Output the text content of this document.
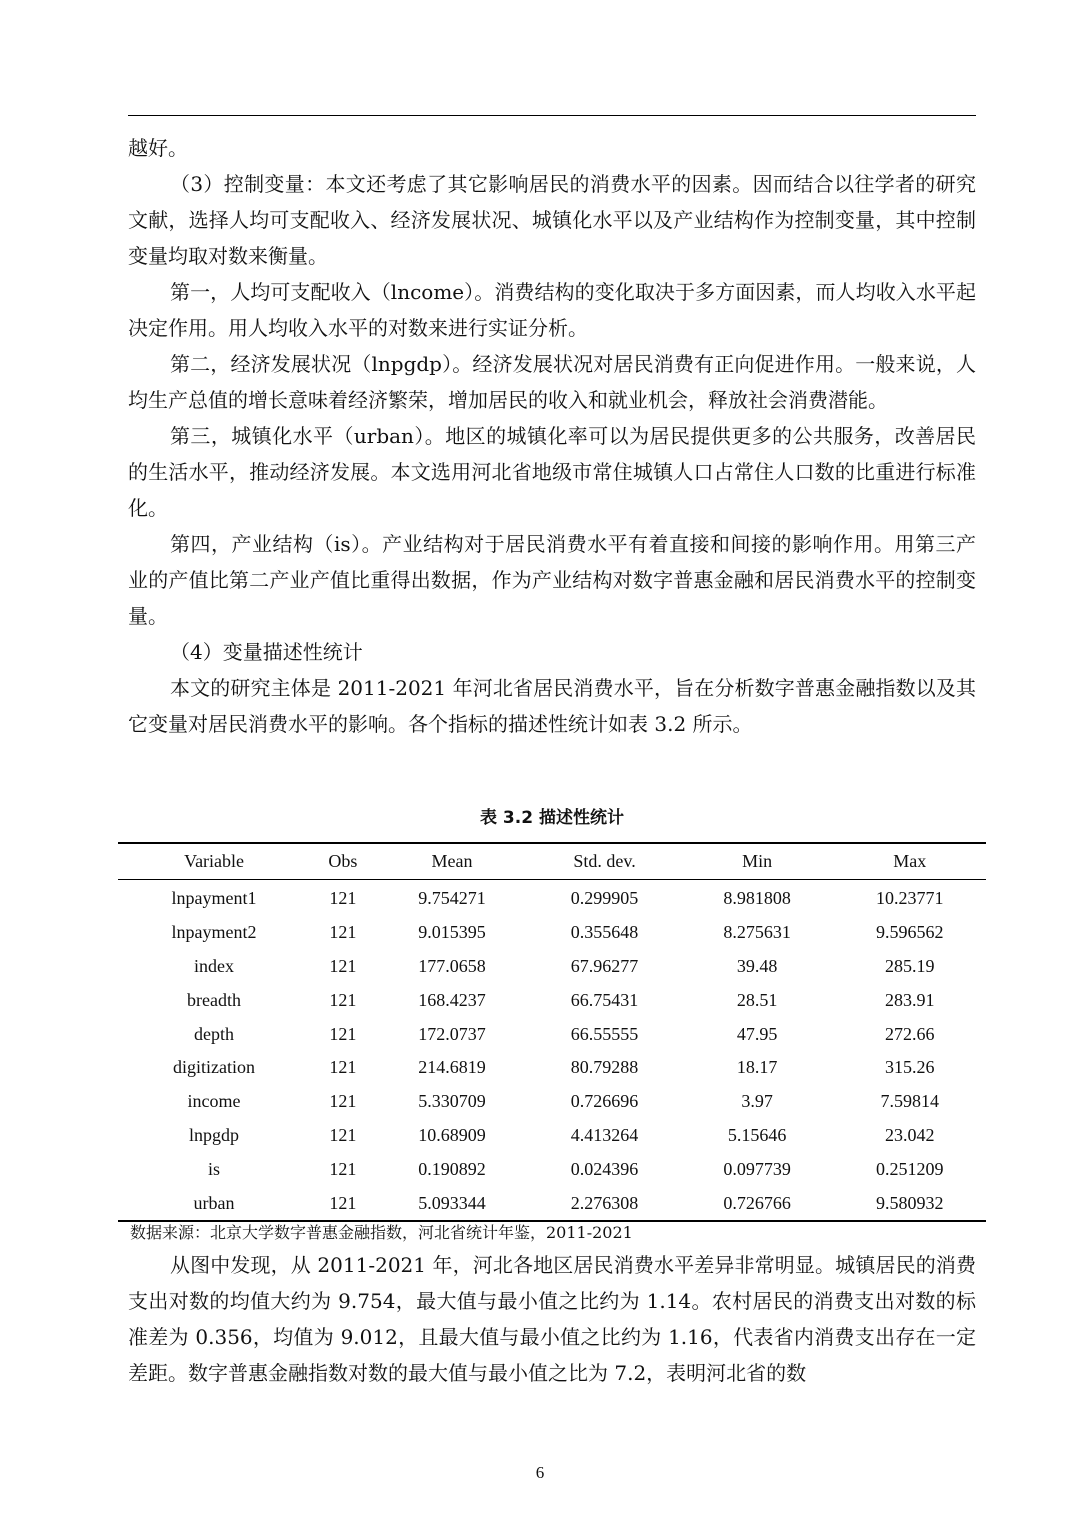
越好。

（3）控制变量：本文还考虑了其它影响居民的消费水平的因素。因而结合以往学者的研究文献，选择人均可支配收入、经济发展状况、城镇化水平以及产业结构作为控制变量，其中控制变量均取对数来衡量。

第一，人均可支配收入（lncome）。消费结构的变化取决于多方面因素，而人均收入水平起决定作用。用人均收入水平的对数来进行实证分析。

第二，经济发展状况（lnpgdp）。经济发展状况对居民消费有正向促进作用。一般来说，人均生产总值的增长意味着经济繁荣，增加居民的收入和就业机会，释放社会消费潜能。

第三，城镇化水平（urban）。地区的城镇化率可以为居民提供更多的公共服务，改善居民的生活水平，推动经济发展。本文选用河北省地级市常住城镇人口占常住人口数的比重进行标准化。

第四，产业结构（is）。产业结构对于居民消费水平有着直接和间接的影响作用。用第三产业的产值比第二产业产值比重得出数据，作为产业结构对数字普惠金融和居民消费水平的控制变量。

（4）变量描述性统计

本文的研究主体是 2011-2021 年河北省居民消费水平，旨在分析数字普惠金融指数以及其它变量对居民消费水平的影响。各个指标的描述性统计如表 3.2 所示。

表 3.2 描述性统计
Variable	Obs	Mean	Std. dev.	Min	Max
lnpayment1	121	9.754271	0.299905	8.981808	10.23771
lnpayment2	121	9.015395	0.355648	8.275631	9.596562
index	121	177.0658	67.96277	39.48	285.19
breadth	121	168.4237	66.75431	28.51	283.91
depth	121	172.0737	66.55555	47.95	272.66
digitization	121	214.6819	80.79288	18.17	315.26
income	121	5.330709	0.726696	3.97	7.59814
lnpgdp	121	10.68909	4.413264	5.15646	23.042
is	121	0.190892	0.024396	0.097739	0.251209
urban	121	5.093344	2.276308	0.726766	9.580932
数据来源：北京大学数字普惠金融指数，河北省统计年鉴，2011-2021

从图中发现，从 2011-2021 年，河北各地区居民消费水平差异非常明显。城镇居民的消费支出对数的均值大约为 9.754，最大值与最小值之比约为 1.14。农村居民的消费支出对数的标准差为 0.356，均值为 9.012，且最大值与最小值之比约为 1.16，代表省内消费支出存在一定差距。数字普惠金融指数对数的最大值与最小值之比为 7.2，表明河北省的数

6
